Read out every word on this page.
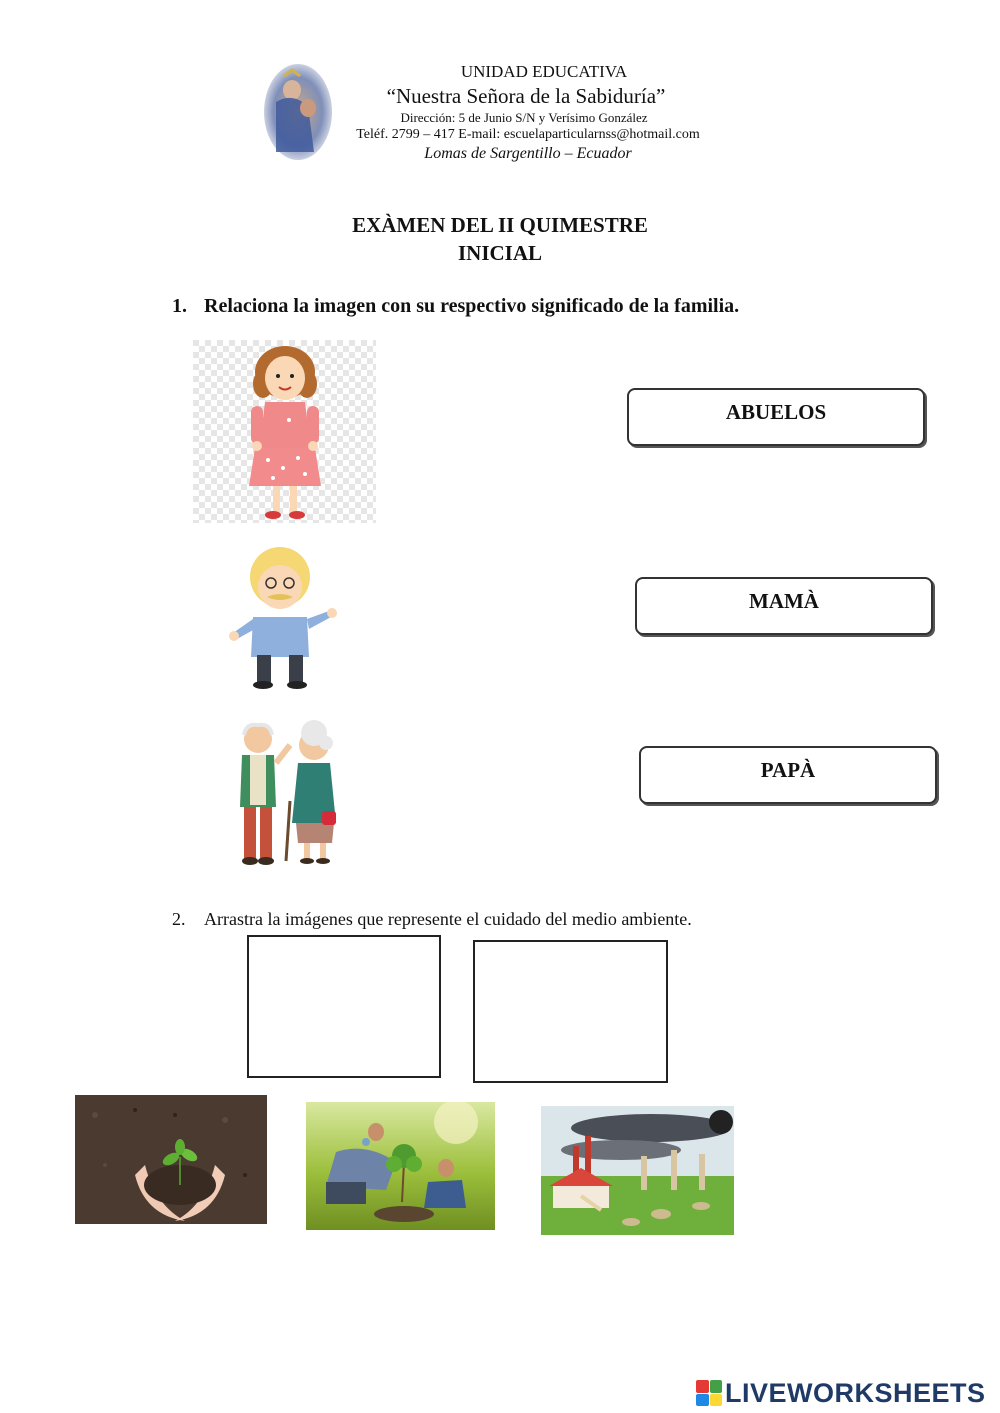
UNIDAD EDUCATIVA
“Nuestra Señora de la Sabiduría”
Dirección: 5 de Junio S/N y Verísimo González
Teléf. 2799 – 417 E-mail: escuelaparticularnss@hotmail.com
Lomas de Sargentillo – Ecuador
EXÀMEN DEL II QUIMESTRE
INICIAL
1. Relaciona la imagen con su respectivo significado de la familia.
ABUELOS
MAMÀ
PAPÀ
2. Arrastra la imágenes que represente el cuidado del medio ambiente.
LIVEWORKSHEETS
